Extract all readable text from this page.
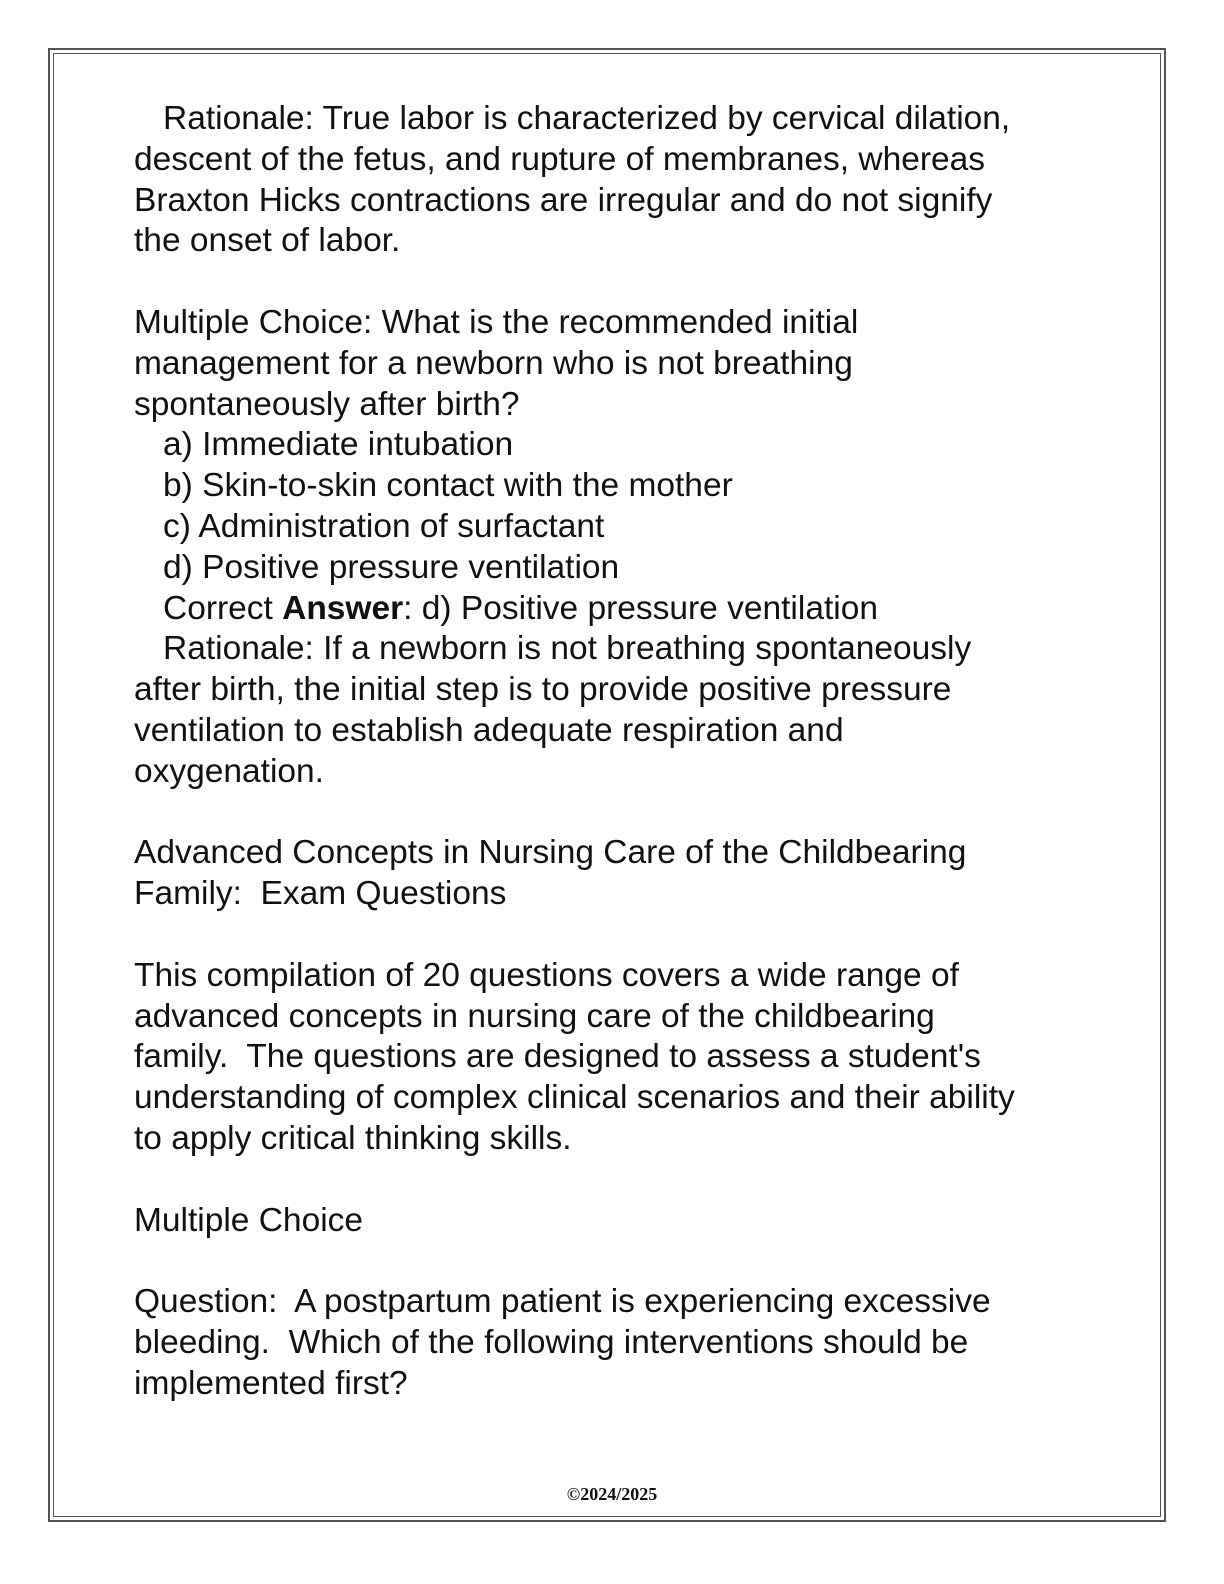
Rationale: True labor is characterized by cervical dilation,

descent of the fetus, and rupture of membranes, whereas

Braxton Hicks contractions are irregular and do not signify

the onset of labor.

Multiple Choice: What is the recommended initial

management for a newborn who is not breathing

spontaneously after birth?

a) Immediate intubation

b) Skin-to-skin contact with the mother

c) Administration of surfactant

d) Positive pressure ventilation

Correct Answer: d) Positive pressure ventilation

Rationale: If a newborn is not breathing spontaneously

after birth, the initial step is to provide positive pressure

ventilation to establish adequate respiration and

oxygenation.

Advanced Concepts in Nursing Care of the Childbearing

Family:  Exam Questions

This compilation of 20 questions covers a wide range of

advanced concepts in nursing care of the childbearing

family.  The questions are designed to assess a student's

understanding of complex clinical scenarios and their ability

to apply critical thinking skills.

Multiple Choice

Question:  A postpartum patient is experiencing excessive

bleeding.  Which of the following interventions should be

implemented first?

©2024/2025
